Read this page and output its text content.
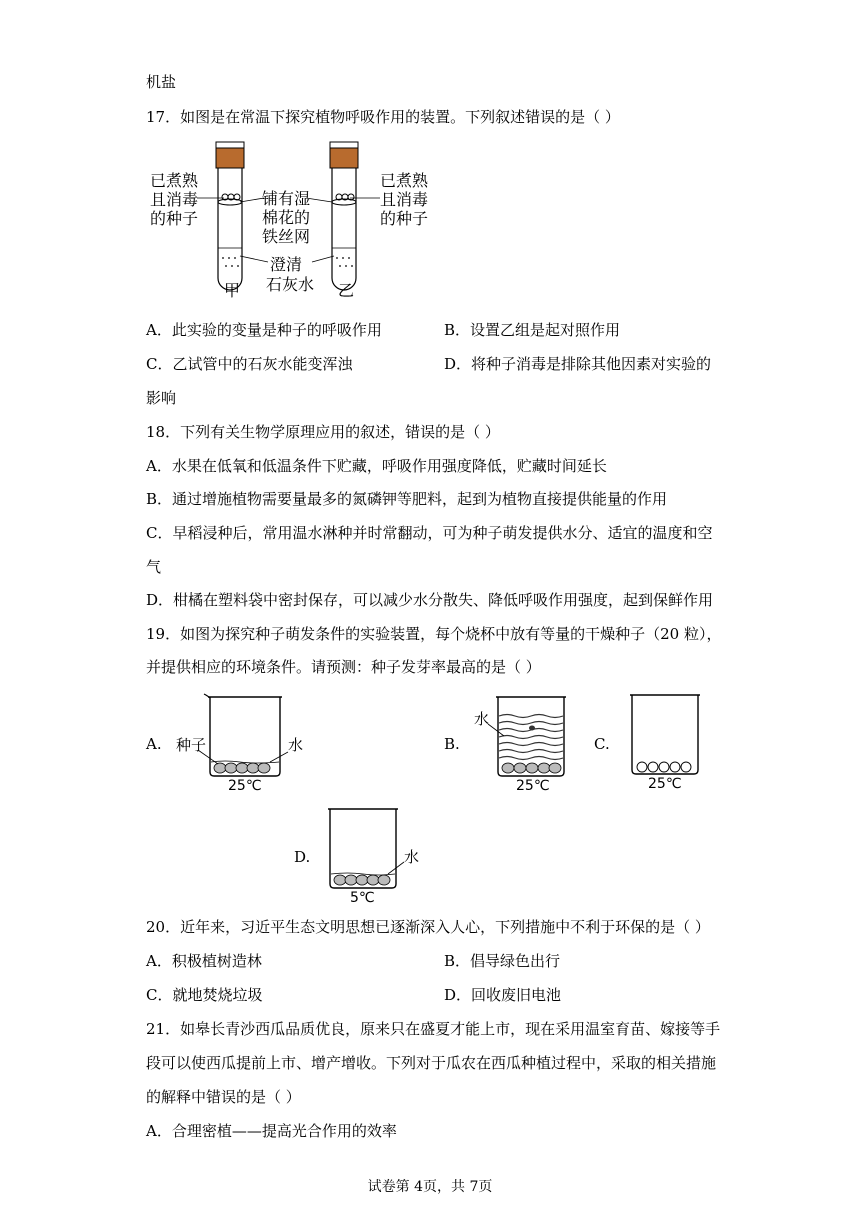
机盐
17．如图是在常温下探究植物呼吸作用的装置。下列叙述错误的是（ ）
已煮熟
且消毒
的种子
铺有湿
棉花的
铁丝网
已煮熟
且消毒
的种子
澄清
石灰水
甲	乙
A．此实验的变量是种子的呼吸作用	B．设置乙组是起对照作用
C．乙试管中的石灰水能变浑浊	D．将种子消毒是排除其他因素对实验的
影响
18．下列有关生物学原理应用的叙述，错误的是（ ）
A．水果在低氧和低温条件下贮藏，呼吸作用强度降低，贮藏时间延长
B．通过增施植物需要量最多的氮磷钾等肥料，起到为植物直接提供能量的作用
C．早稻浸种后，常用温水淋种并时常翻动，可为种子萌发提供水分、适宜的温度和空
气
D．柑橘在塑料袋中密封保存，可以减少水分散失、降低呼吸作用强度，起到保鲜作用
19．如图为探究种子萌发条件的实验装置，每个烧杯中放有等量的干燥种子（20 粒），
并提供相应的环境条件。请预测：种子发芽率最高的是（ ）
A. 种子	水
25℃
B.
水
25℃
C.
25℃
D.	水
5℃
20．近年来，习近平生态文明思想已逐渐深入人心，下列措施中不利于环保的是（ ）
A．积极植树造林	B．倡导绿色出行
C．就地焚烧垃圾	D．回收废旧电池
21．如皋长青沙西瓜品质优良，原来只在盛夏才能上市，现在采用温室育苗、嫁接等手
段可以使西瓜提前上市、增产增收。下列对于瓜农在西瓜种植过程中，采取的相关措施
的解释中错误的是（ ）
A．合理密植——提高光合作用的效率
试卷第 4页，共 7页
